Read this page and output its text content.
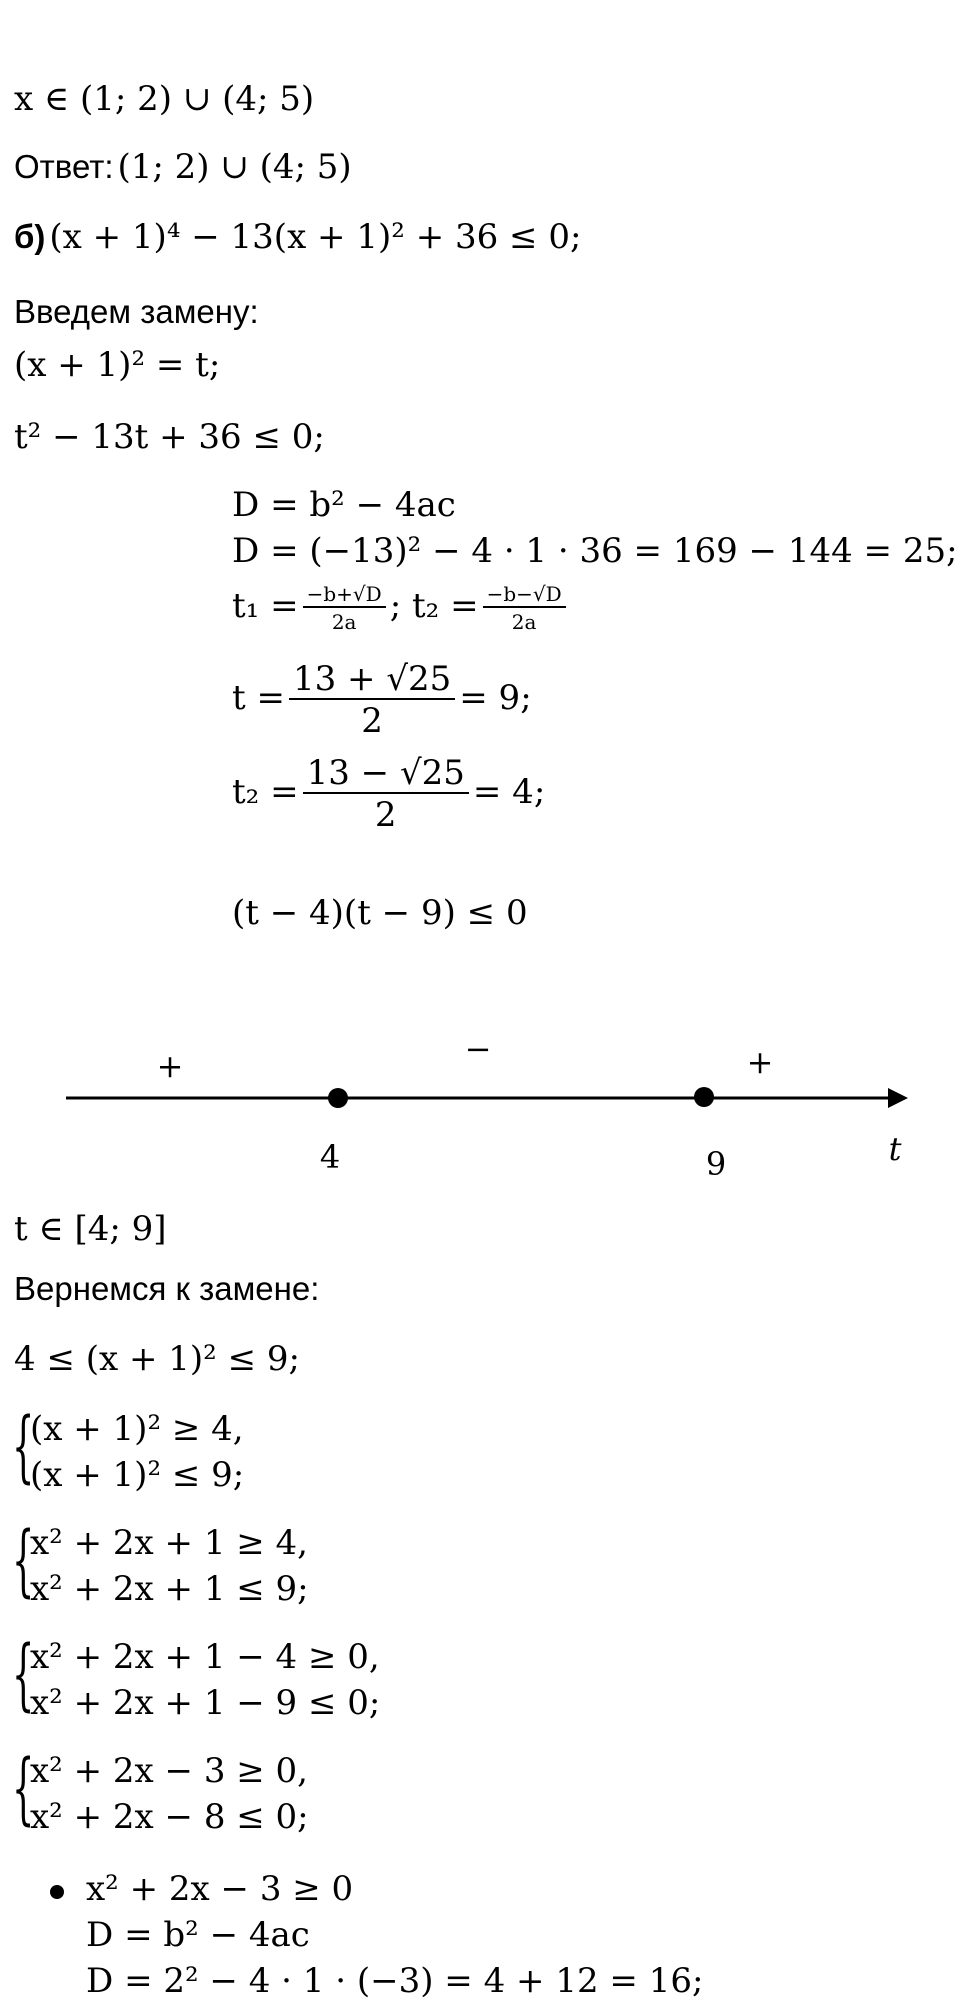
x ∈ (1; 2) ∪ (4; 5)
Ответ: (1; 2) ∪ (4; 5)
б) (x + 1)⁴ − 13(x + 1)² + 36 ≤ 0;
Введем замену:
(x + 1)² = t;
t² − 13t + 36 ≤ 0;
D = b² − 4ac
D = (−13)² − 4 · 1 · 36 = 169 − 144 = 25;
$t_1 = \frac{-b+√D}{2a}$ ; $t_2 = \frac{-b-√D}{2a}$
$t = \frac{13 + √25}{2} = 9$;
$t_2 = \frac{13 - √25}{2} = 4$;
(t − 4)(t − 9) ≤ 0
+	−	+
4	9	t
t ∈ [4; 9]
Вернемся к замене:
4 ≤ (x + 1)² ≤ 9;
{
(x + 1)² ≥ 4,
(x + 1)² ≤ 9;
{
x² + 2x + 1 ≥ 4,
x² + 2x + 1 ≤ 9;
{
x² + 2x + 1 − 4 ≥ 0,
x² + 2x + 1 − 9 ≤ 0;
{
x² + 2x − 3 ≥ 0,
x² + 2x − 8 ≤ 0;
x² + 2x − 3 ≥ 0
D = b² − 4ac
D = 2² − 4 · 1 · (−3) = 4 + 12 = 16;
